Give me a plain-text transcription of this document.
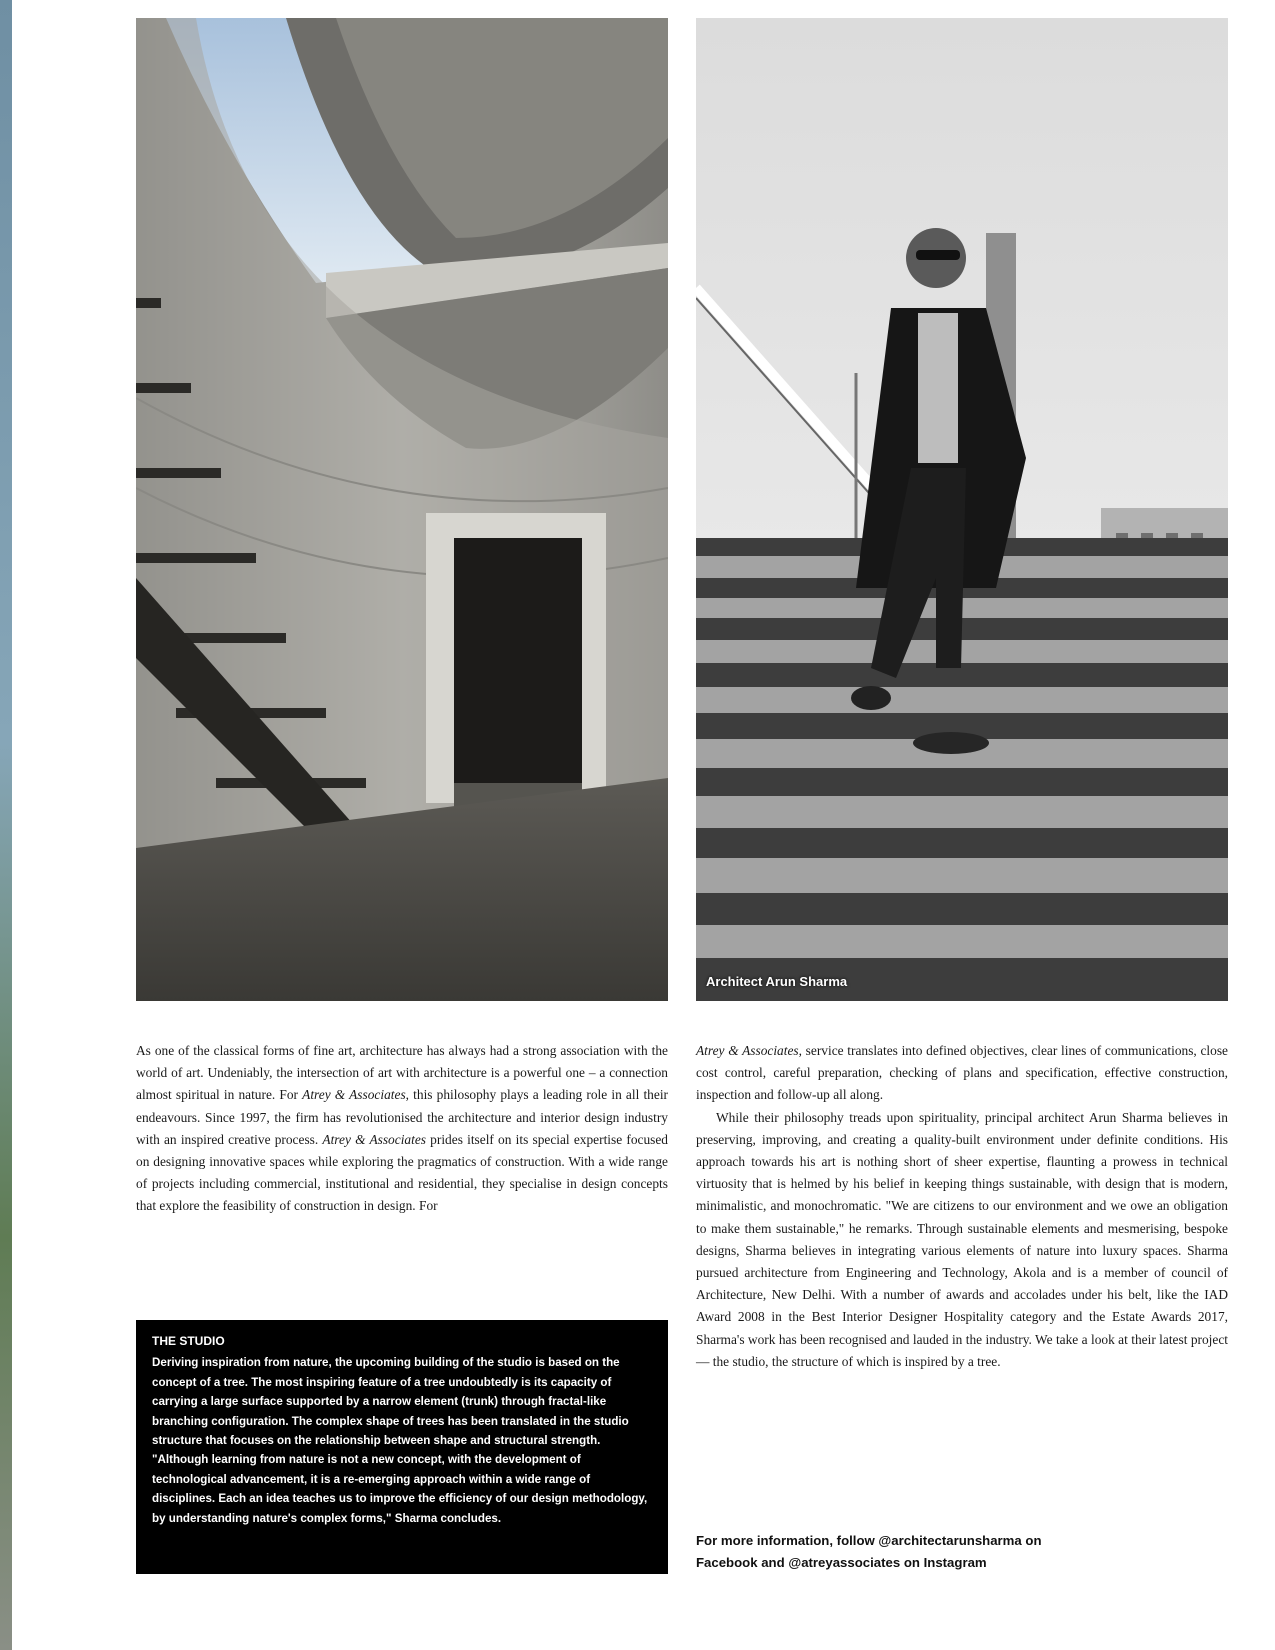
Architect Arun Sharma

As one of the classical forms of fine art, architecture has always had a strong association with the world of art. Undeniably, the intersection of art with architecture is a powerful one – a connection almost spiritual in nature. For Atrey & Associates, this philosophy plays a leading role in all their endeavours. Since 1997, the firm has revolutionised the architecture and interior design industry with an inspired creative process. Atrey & Associates prides itself on its special expertise focused on designing innovative spaces while exploring the pragmatics of construction. With a wide range of projects including commercial, institutional and residential, they specialise in design concepts that explore the feasibility of construction in design. For

Atrey & Associates, service translates into defined objectives, clear lines of communications, close cost control, careful preparation, checking of plans and specification, effective construction, inspection and follow-up all along.

While their philosophy treads upon spirituality, principal architect Arun Sharma believes in preserving, improving, and creating a quality-built environment under definite conditions. His approach towards his art is nothing short of sheer expertise, flaunting a prowess in technical virtuosity that is helmed by his belief in keeping things sustainable, with design that is modern, minimalistic, and monochromatic. "We are citizens to our environment and we owe an obligation to make them sustainable," he remarks. Through sustainable elements and mesmerising, bespoke designs, Sharma believes in integrating various elements of nature into luxury spaces. Sharma pursued architecture from Engineering and Technology, Akola and is a member of council of Architecture, New Delhi. With a number of awards and accolades under his belt, like the IAD Award 2008 in the Best Interior Designer Hospitality category and the Estate Awards 2017, Sharma's work has been recognised and lauded in the industry. We take a look at their latest project — the studio, the structure of which is inspired by a tree.

THE STUDIO

Deriving inspiration from nature, the upcoming building of the studio is based on the concept of a tree. The most inspiring feature of a tree undoubtedly is its capacity of carrying a large surface supported by a narrow element (trunk) through fractal-like branching configuration. The complex shape of trees has been translated in the studio structure that focuses on the relationship between shape and structural strength. "Although learning from nature is not a new concept, with the development of technological advancement, it is a re-emerging approach within a wide range of disciplines. Each an idea teaches us to improve the efficiency of our design methodology, by understanding nature's complex forms," Sharma concludes.

For more information, follow @architectarunsharma on
Facebook and @atreyassociates on Instagram
